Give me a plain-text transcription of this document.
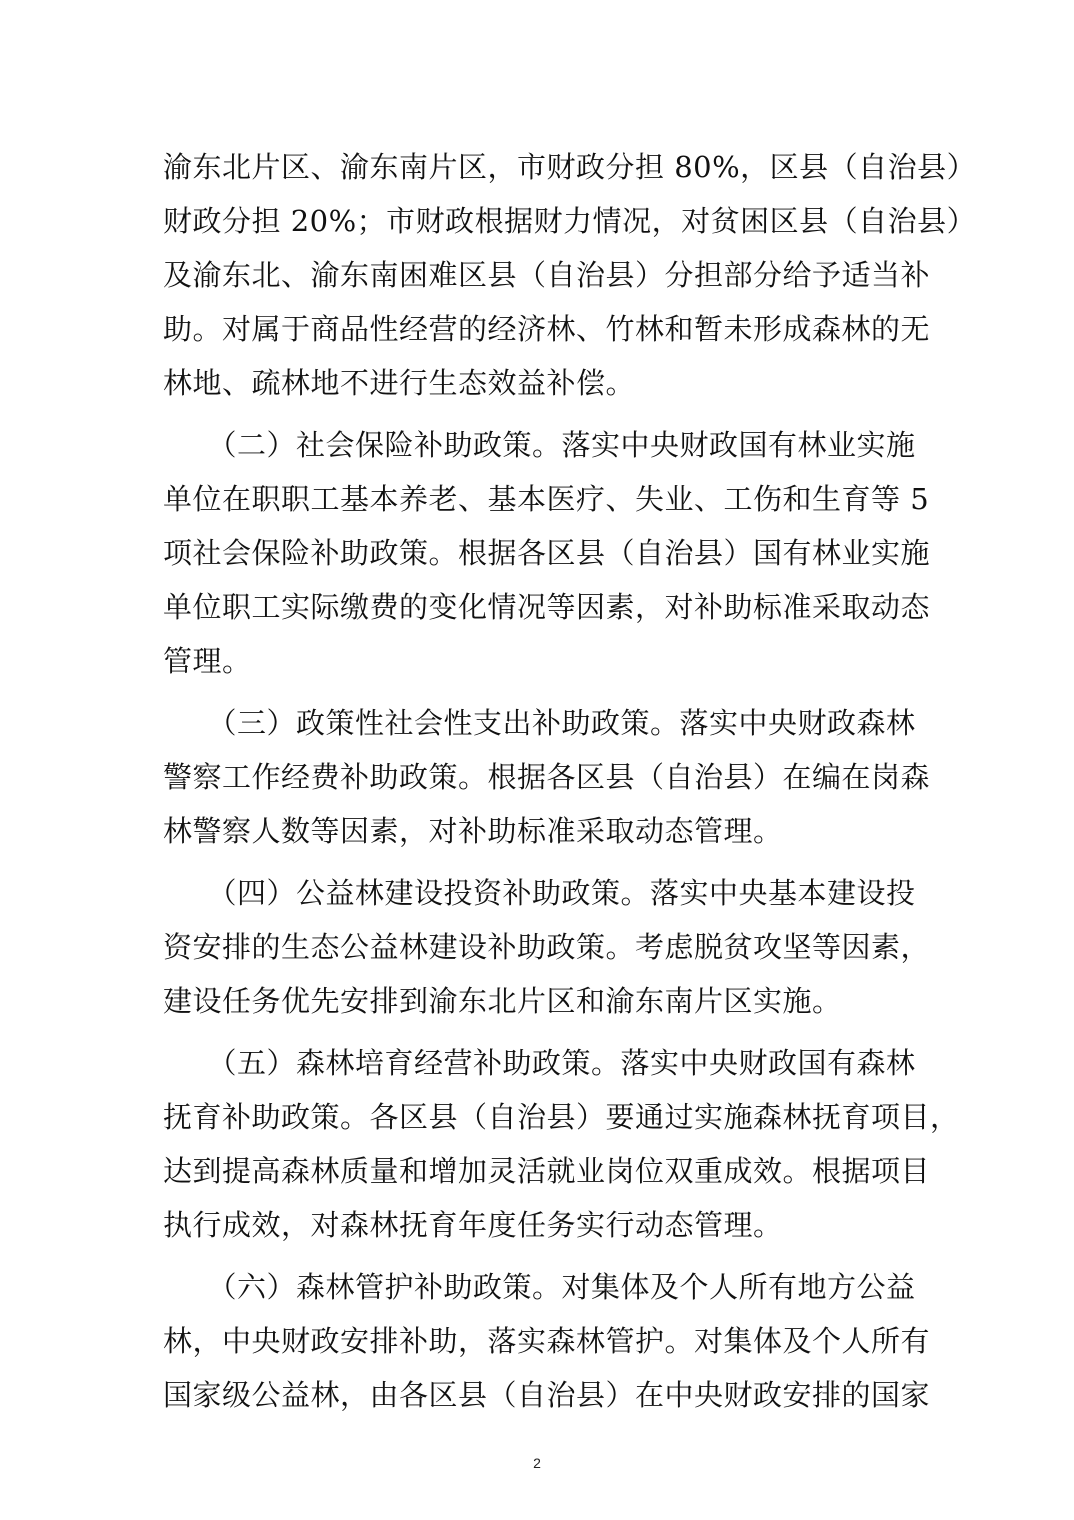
渝东北片区、渝东南片区，市财政分担 80%，区县（自治县）
财政分担 20%；市财政根据财力情况，对贫困区县（自治县）
及渝东北、渝东南困难区县（自治县）分担部分给予适当补
助。对属于商品性经营的经济林、竹林和暂未形成森林的无
林地、疏林地不进行生态效益补偿。
　　（二）社会保险补助政策。落实中央财政国有林业实施
单位在职职工基本养老、基本医疗、失业、工伤和生育等 5
项社会保险补助政策。根据各区县（自治县）国有林业实施
单位职工实际缴费的变化情况等因素，对补助标准采取动态
管理。
　　（三）政策性社会性支出补助政策。落实中央财政森林
警察工作经费补助政策。根据各区县（自治县）在编在岗森
林警察人数等因素，对补助标准采取动态管理。
　　（四）公益林建设投资补助政策。落实中央基本建设投
资安排的生态公益林建设补助政策。考虑脱贫攻坚等因素，
建设任务优先安排到渝东北片区和渝东南片区实施。
　　（五）森林培育经营补助政策。落实中央财政国有森林
抚育补助政策。各区县（自治县）要通过实施森林抚育项目，
达到提高森林质量和增加灵活就业岗位双重成效。根据项目
执行成效，对森林抚育年度任务实行动态管理。
　　（六）森林管护补助政策。对集体及个人所有地方公益
林，中央财政安排补助，落实森林管护。对集体及个人所有
国家级公益林，由各区县（自治县）在中央财政安排的国家
2
